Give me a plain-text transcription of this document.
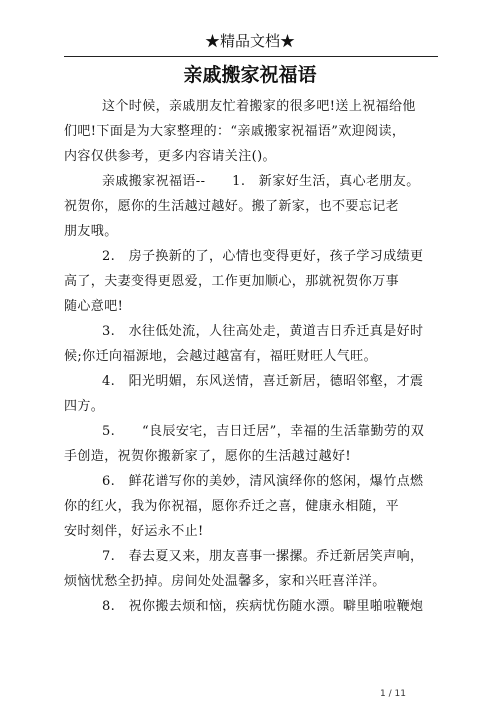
★精品文档★
亲戚搬家祝福语
这个时候，亲戚朋友忙着搬家的很多吧!送上祝福给他
们吧!下面是为大家整理的：“亲戚搬家祝福语”欢迎阅读，
内容仅供参考，更多内容请关注()。
亲戚搬家祝福语--　　1.　新家好生活，真心老朋友。
祝贺你，愿你的生活越过越好。搬了新家，也不要忘记老
朋友哦。
2.　房子换新的了，心情也变得更好，孩子学习成绩更
高了，夫妻变得更恩爱，工作更加顺心，那就祝贺你万事
随心意吧!
3.　水往低处流，人往高处走，黄道吉日乔迁真是好时
候;你迁向福源地，会越过越富有，福旺财旺人气旺。
4.　阳光明媚，东风送情，喜迁新居，德昭邻壑，才震
四方。
5.　　“良辰安宅，吉日迁居”，幸福的生活靠勤劳的双
手创造，祝贺你搬新家了，愿你的生活越过越好!
6.　鲜花谱写你的美妙，清风演绎你的悠闲，爆竹点燃
你的红火，我为你祝福，愿你乔迁之喜，健康永相随，平
安时刻伴，好运永不止!
7.　春去夏又来，朋友喜事一摞摞。乔迁新居笑声响，
烦恼忧愁全扔掉。房间处处温馨多，家和兴旺喜洋洋。
8.　祝你搬去烦和恼，疾病忧伤随水漂。噼里啪啦鞭炮
1 / 11
